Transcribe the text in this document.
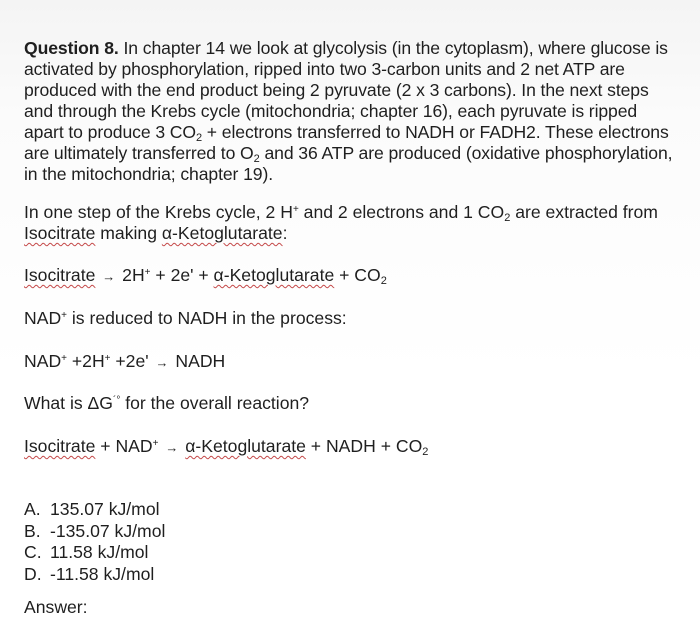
Question 8. In chapter 14 we look at glycolysis (in the cytoplasm), where glucose is activated by phosphorylation, ripped into two 3-carbon units and 2 net ATP are produced with the end product being 2 pyruvate (2 x 3 carbons). In the next steps and through the Krebs cycle (mitochondria; chapter 16), each pyruvate is ripped apart to produce 3 $CO_2$ + electrons transferred to NADH or FADH2. These electrons are ultimately transferred to $O_2$ and 36 ATP are produced (oxidative phosphorylation, in the mitochondria; chapter 19).
In one step of the Krebs cycle, 2 H+ and 2 electrons and 1 $CO_2$ are extracted from Isocitrate making α-Ketoglutarate:
Isocitrate → 2H+ + 2e' + α-Ketoglutarate + $CO_2$
NAD+ is reduced to NADH in the process:
NAD+ +2H+ +2e' → NADH
What is ΔG´° for the overall reaction?
Isocitrate + NAD+ → α-Ketoglutarate + NADH + $CO_2$
A. 135.07 kJ/mol
B. -135.07 kJ/mol
C. 11.58 kJ/mol
D. -11.58 kJ/mol
Answer:
